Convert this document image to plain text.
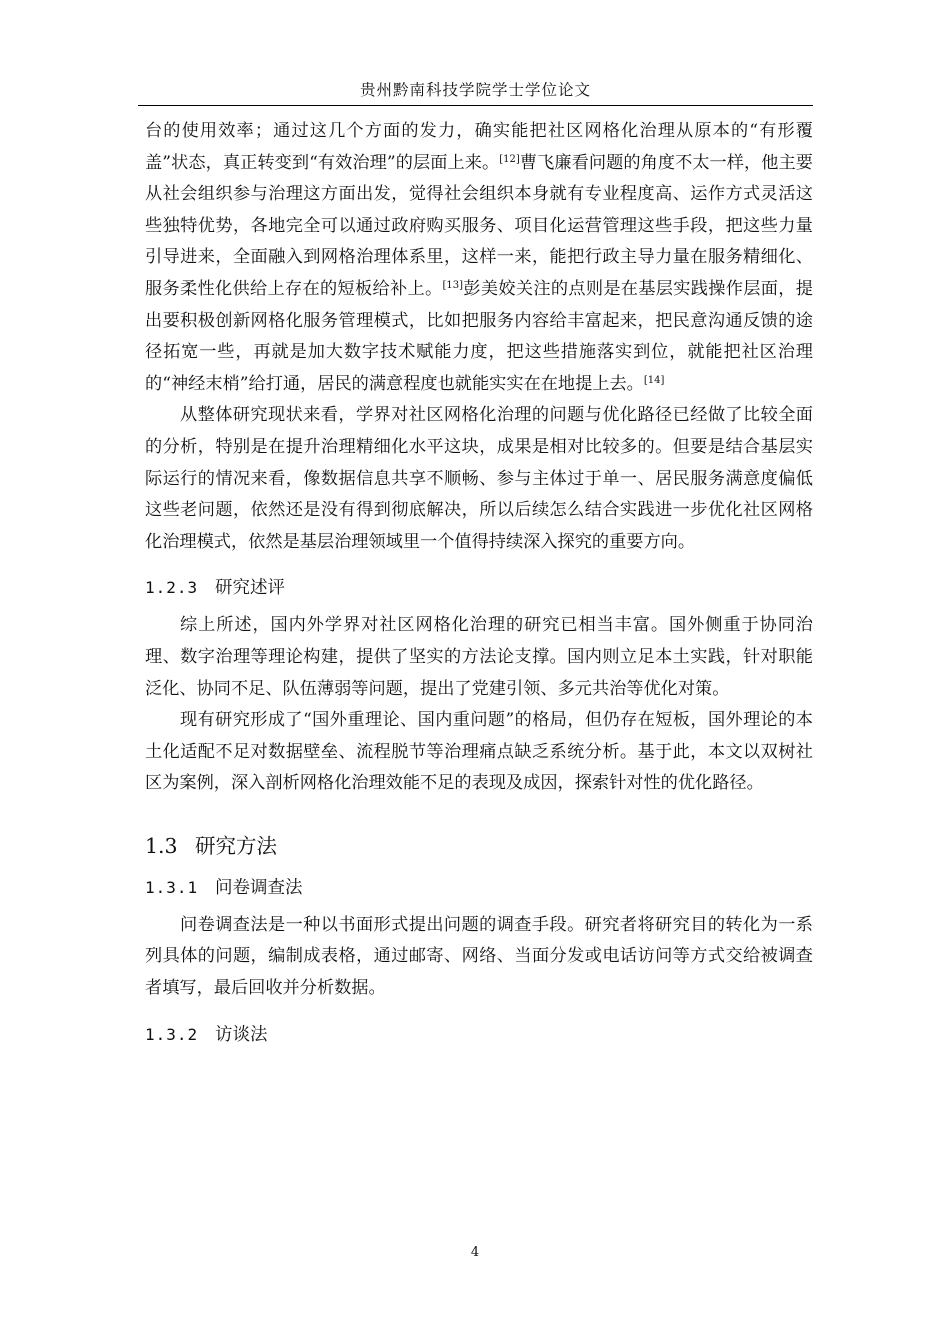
贵州黔南科技学院学士学位论文

台的使用效率；通过这几个方面的发力，确实能把社区网格化治理从原本的“有形覆盖”状态，真正转变到“有效治理”的层面上来。[12]曹飞廉看问题的角度不太一样，他主要从社会组织参与治理这方面出发，觉得社会组织本身就有专业程度高、运作方式灵活这些独特优势，各地完全可以通过政府购买服务、项目化运营管理这些手段，把这些力量引导进来，全面融入到网格治理体系里，这样一来，能把行政主导力量在服务精细化、服务柔性化供给上存在的短板给补上。[13]彭美姣关注的点则是在基层实践操作层面，提出要积极创新网格化服务管理模式，比如把服务内容给丰富起来，把民意沟通反馈的途径拓宽一些，再就是加大数字技术赋能力度，把这些措施落实到位，就能把社区治理的“神经末梢”给打通，居民的满意程度也就能实实在在地提上去。[14]

从整体研究现状来看，学界对社区网格化治理的问题与优化路径已经做了比较全面的分析，特别是在提升治理精细化水平这块，成果是相对比较多的。但要是结合基层实际运行的情况来看，像数据信息共享不顺畅、参与主体过于单一、居民服务满意度偏低这些老问题，依然还是没有得到彻底解决，所以后续怎么结合实践进一步优化社区网格化治理模式，依然是基层治理领域里一个值得持续深入探究的重要方向。

1.2.3 研究述评

综上所述，国内外学界对社区网格化治理的研究已相当丰富。国外侧重于协同治理、数字治理等理论构建，提供了坚实的方法论支撑。国内则立足本土实践，针对职能泛化、协同不足、队伍薄弱等问题，提出了党建引领、多元共治等优化对策。

现有研究形成了“国外重理论、国内重问题”的格局，但仍存在短板，国外理论的本土化适配不足对数据壁垒、流程脱节等治理痛点缺乏系统分析。基于此，本文以双树社区为案例，深入剖析网格化治理效能不足的表现及成因，探索针对性的优化路径。

1.3 研究方法
1.3.1 问卷调查法

问卷调查法是一种以书面形式提出问题的调查手段。研究者将研究目的转化为一系列具体的问题，编制成表格，通过邮寄、网络、当面分发或电话访问等方式交给被调查者填写，最后回收并分析数据。

1.3.2 访谈法
4
